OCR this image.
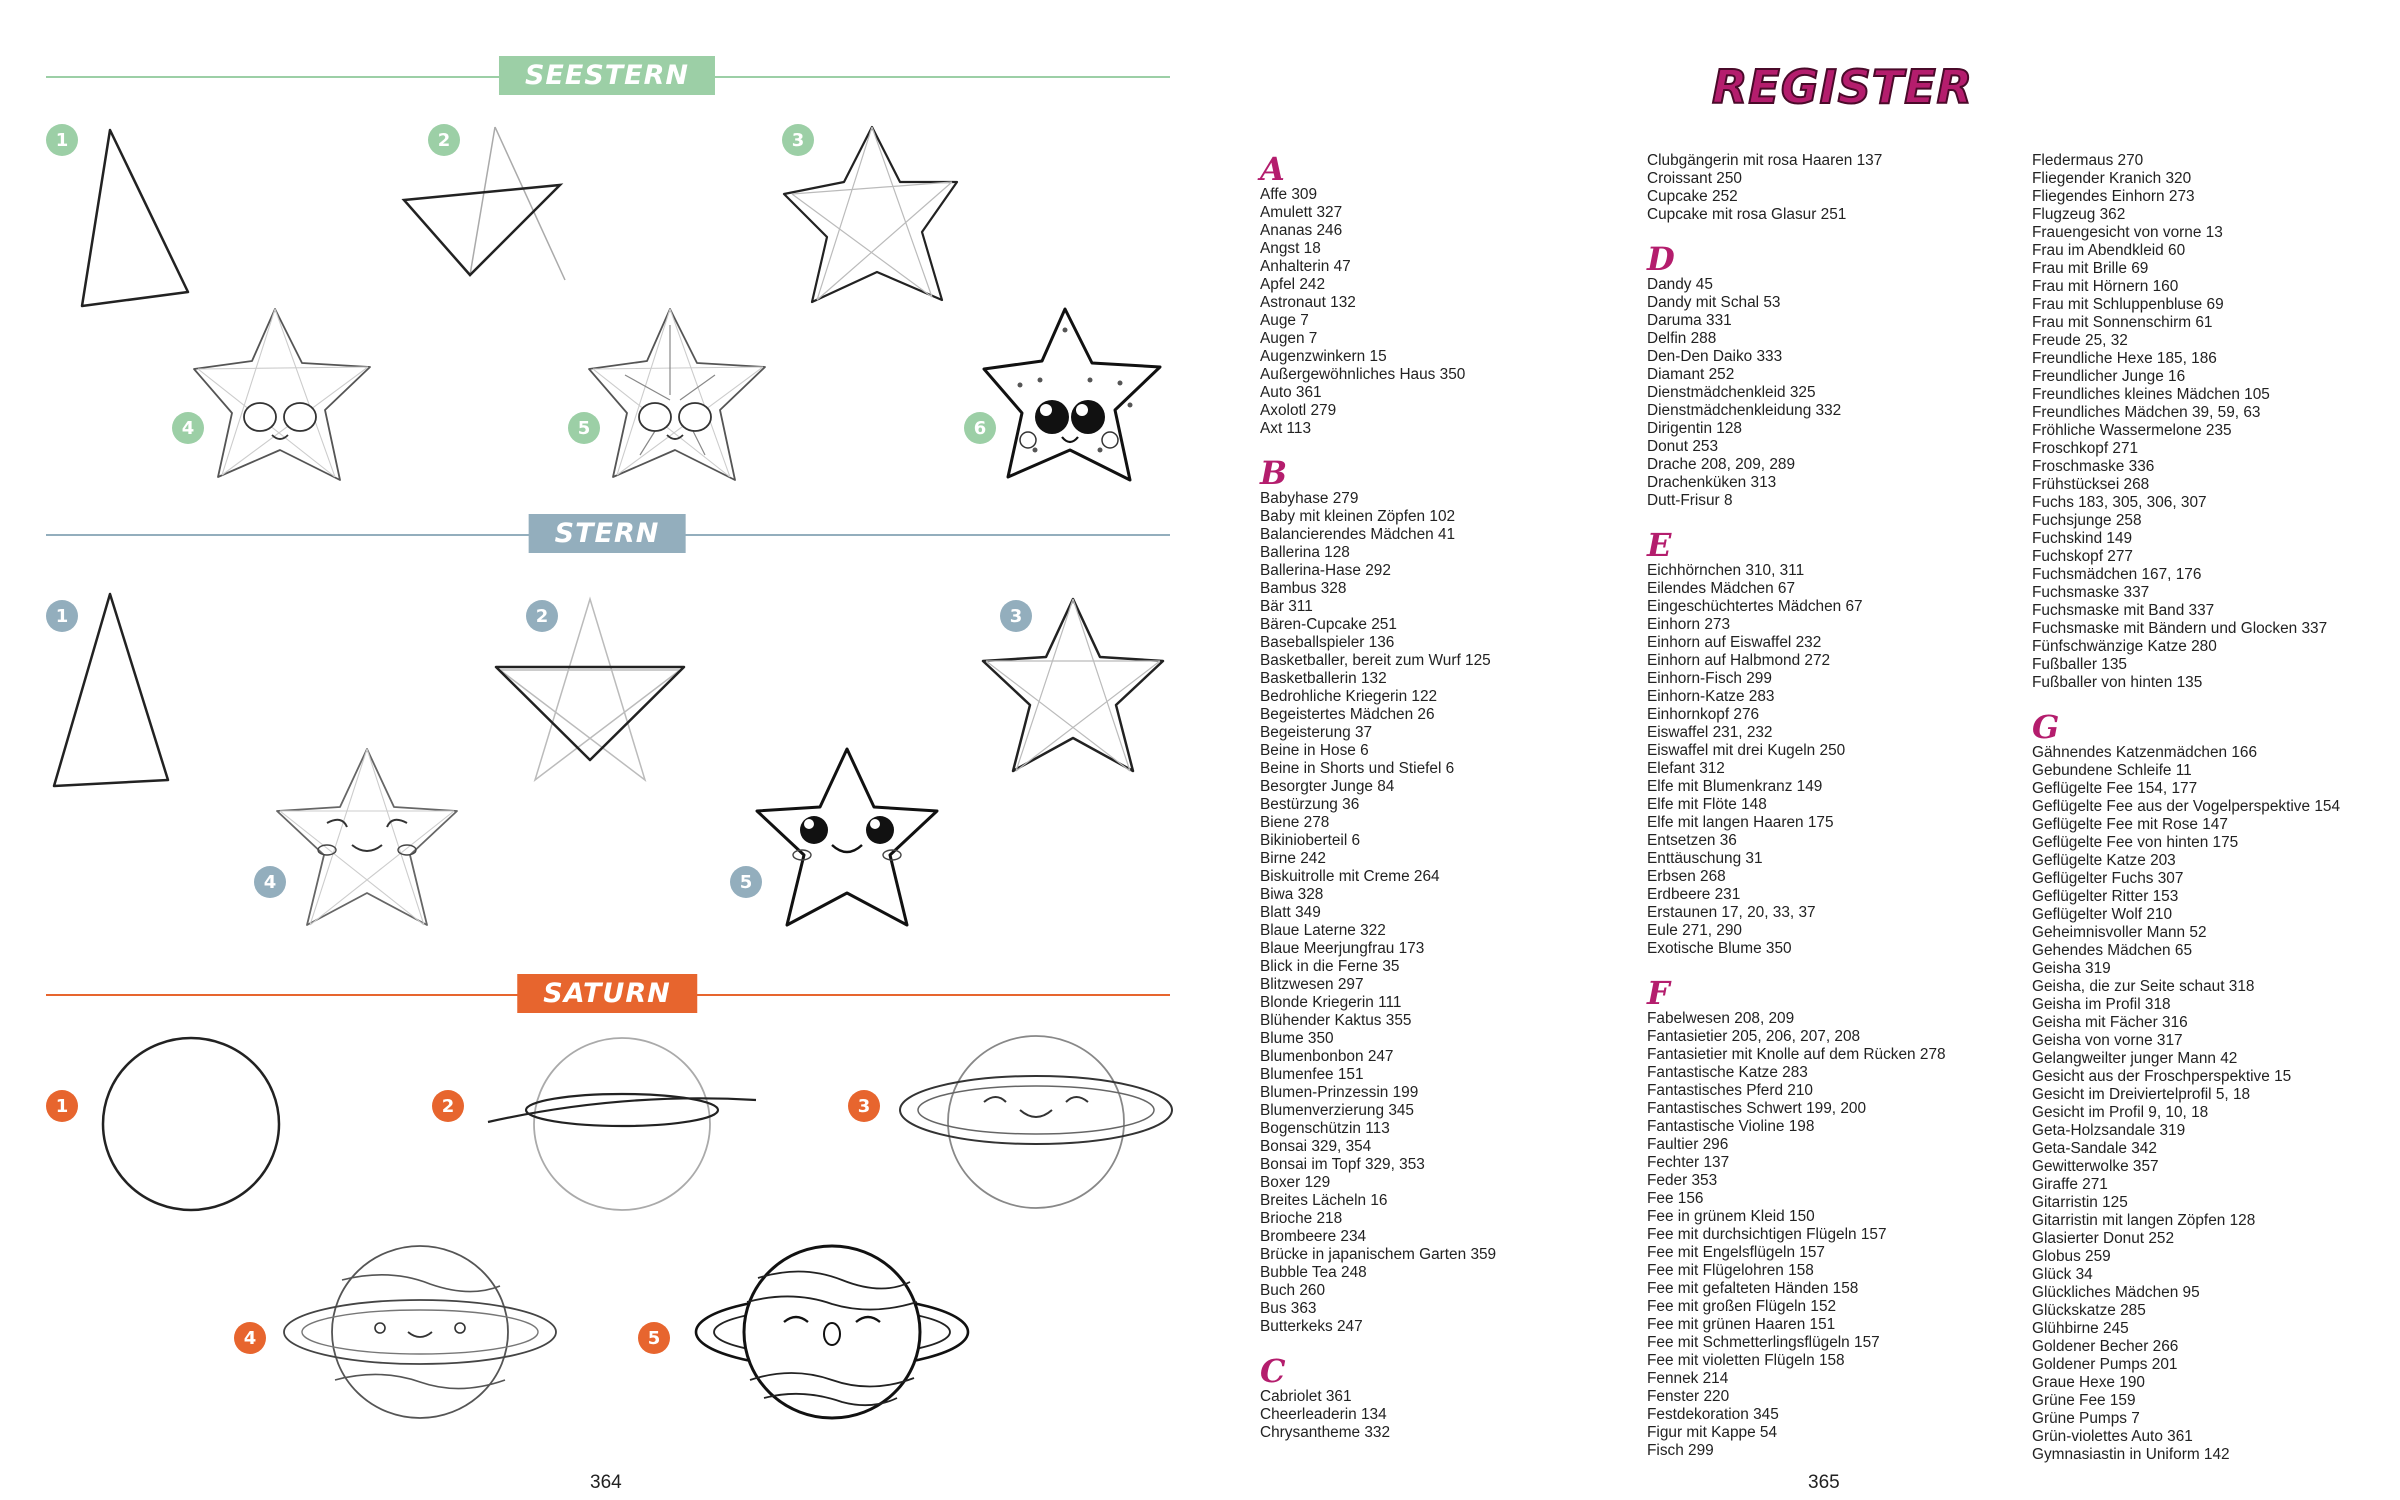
SEESTERN
1	2	3
4	5	6
STERN
1	2	3
4	5
SATURN
1	2	3
4	5
364
REGISTER
A
Affe 309
Amulett 327
Ananas 246
Angst 18
Anhalterin 47
Apfel 242
Astronaut 132
Auge 7
Augen 7
Augenzwinkern 15
Außergewöhnliches Haus 350
Auto 361
Axolotl 279
Axt 113
B
Babyhase 279
Baby mit kleinen Zöpfen 102
Balancierendes Mädchen 41
Ballerina 128
Ballerina-Hase 292
Bambus 328
Bär 311
Bären-Cupcake 251
Baseballspieler 136
Basketballer, bereit zum Wurf 125
Basketballerin 132
Bedrohliche Kriegerin 122
Begeistertes Mädchen 26
Begeisterung 37
Beine in Hose 6
Beine in Shorts und Stiefel 6
Besorgter Junge 84
Bestürzung 36
Biene 278
Bikinioberteil 6
Birne 242
Biskuitrolle mit Creme 264
Biwa 328
Blatt 349
Blaue Laterne 322
Blaue Meerjungfrau 173
Blick in die Ferne 35
Blitzwesen 297
Blonde Kriegerin 111
Blühender Kaktus 355
Blume 350
Blumenbonbon 247
Blumenfee 151
Blumen-Prinzessin 199
Blumenverzierung 345
Bogenschützin 113
Bonsai 329, 354
Bonsai im Topf 329, 353
Boxer 129
Breites Lächeln 16
Brioche 218
Brombeere 234
Brücke in japanischem Garten 359
Bubble Tea 248
Buch 260
Bus 363
Butterkeks 247
C
Cabriolet 361
Cheerleaderin 134
Chrysantheme 332
Clubgängerin mit rosa Haaren 137
Croissant 250
Cupcake 252
Cupcake mit rosa Glasur 251
D
Dandy 45
Dandy mit Schal 53
Daruma 331
Delfin 288
Den-Den Daiko 333
Diamant 252
Dienstmädchenkleid 325
Dienstmädchenkleidung 332
Dirigentin 128
Donut 253
Drache 208, 209, 289
Drachenküken 313
Dutt-Frisur 8
E
Eichhörnchen 310, 311
Eilendes Mädchen 67
Eingeschüchtertes Mädchen 67
Einhorn 273
Einhorn auf Eiswaffel 232
Einhorn auf Halbmond 272
Einhorn-Fisch 299
Einhorn-Katze 283
Einhornkopf 276
Eiswaffel 231, 232
Eiswaffel mit drei Kugeln 250
Elefant 312
Elfe mit Blumenkranz 149
Elfe mit Flöte 148
Elfe mit langen Haaren 175
Entsetzen 36
Enttäuschung 31
Erbsen 268
Erdbeere 231
Erstaunen 17, 20, 33, 37
Eule 271, 290
Exotische Blume 350
F
Fabelwesen 208, 209
Fantasietier 205, 206, 207, 208
Fantasietier mit Knolle auf dem Rücken 278
Fantastische Katze 283
Fantastisches Pferd 210
Fantastisches Schwert 199, 200
Fantastische Violine 198
Faultier 296
Fechter 137
Feder 353
Fee 156
Fee in grünem Kleid 150
Fee mit durchsichtigen Flügeln 157
Fee mit Engelsflügeln 157
Fee mit Flügelohren 158
Fee mit gefalteten Händen 158
Fee mit großen Flügeln 152
Fee mit grünen Haaren 151
Fee mit Schmetterlingsflügeln 157
Fee mit violetten Flügeln 158
Fennek 214
Fenster 220
Festdekoration 345
Figur mit Kappe 54
Fisch 299
Fledermaus 270
Fliegender Kranich 320
Fliegendes Einhorn 273
Flugzeug 362
Frauengesicht von vorne 13
Frau im Abendkleid 60
Frau mit Brille 69
Frau mit Hörnern 160
Frau mit Schluppenbluse 69
Frau mit Sonnenschirm 61
Freude 25, 32
Freundliche Hexe 185, 186
Freundlicher Junge 16
Freundliches kleines Mädchen 105
Freundliches Mädchen 39, 59, 63
Fröhliche Wassermelone 235
Froschkopf 271
Froschmaske 336
Frühstücksei 268
Fuchs 183, 305, 306, 307
Fuchsjunge 258
Fuchskind 149
Fuchskopf 277
Fuchsmädchen 167, 176
Fuchsmaske 337
Fuchsmaske mit Band 337
Fuchsmaske mit Bändern und Glocken 337
Fünfschwänzige Katze 280
Fußballer 135
Fußballer von hinten 135
G
Gähnendes Katzenmädchen 166
Gebundene Schleife 11
Geflügelte Fee 154, 177
Geflügelte Fee aus der Vogelperspektive 154
Geflügelte Fee mit Rose 147
Geflügelte Fee von hinten 175
Geflügelte Katze 203
Geflügelter Fuchs 307
Geflügelter Ritter 153
Geflügelter Wolf 210
Geheimnisvoller Mann 52
Gehendes Mädchen 65
Geisha 319
Geisha, die zur Seite schaut 318
Geisha im Profil 318
Geisha mit Fächer 316
Geisha von vorne 317
Gelangweilter junger Mann 42
Gesicht aus der Froschperspektive 15
Gesicht im Dreiviertelprofil 5, 18
Gesicht im Profil 9, 10, 18
Geta-Holzsandale 319
Geta-Sandale 342
Gewitterwolke 357
Giraffe 271
Gitarristin 125
Gitarristin mit langen Zöpfen 128
Glasierter Donut 252
Globus 259
Glück 34
Glückliches Mädchen 95
Glückskatze 285
Glühbirne 245
Goldener Becher 266
Goldener Pumps 201
Graue Hexe 190
Grüne Fee 159
Grüne Pumps 7
Grün-violettes Auto 361
Gymnasiastin in Uniform 142
365
